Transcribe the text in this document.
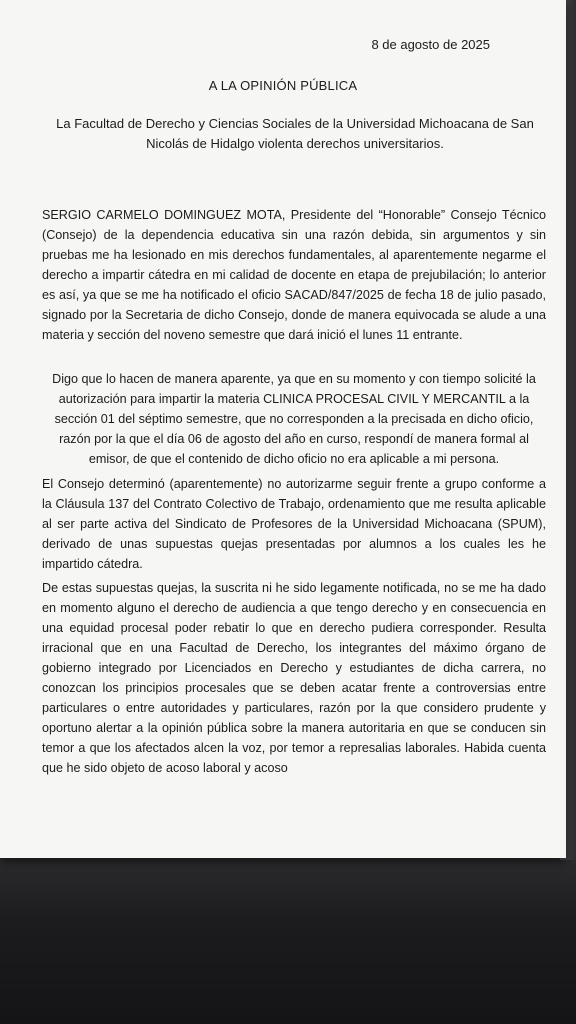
8 de agosto de 2025
A LA OPINIÓN PÚBLICA
La Facultad de Derecho y Ciencias Sociales de la Universidad Michoacana de San Nicolás de Hidalgo violenta derechos universitarios.
SERGIO CARMELO DOMINGUEZ MOTA, Presidente del “Honorable” Consejo Técnico (Consejo) de la dependencia educativa sin una razón debida, sin argumentos y sin pruebas me ha lesionado en mis derechos fundamentales, al aparentemente negarme el derecho a impartir cátedra en mi calidad de docente en etapa de prejubilación; lo anterior es así, ya que se me ha notificado el oficio SACAD/847/2025 de fecha 18 de julio pasado, signado por la Secretaria de dicho Consejo, donde de manera equivocada se alude a una materia y sección del noveno semestre que dará inició el lunes 11 entrante.
Digo que lo hacen de manera aparente, ya que en su momento y con tiempo solicité la autorización para impartir la materia CLINICA PROCESAL CIVIL Y MERCANTIL a la sección 01 del séptimo semestre, que no corresponden a la precisada en dicho oficio, razón por la que el día 06 de agosto del año en curso, respondí de manera formal al emisor, de que el contenido de dicho oficio no era aplicable a mi persona.
El Consejo determinó (aparentemente) no autorizarme seguir frente a grupo conforme a la Cláusula 137 del Contrato Colectivo de Trabajo, ordenamiento que me resulta aplicable al ser parte activa del Sindicato de Profesores de la Universidad Michoacana (SPUM), derivado de unas supuestas quejas presentadas por alumnos a los cuales les he impartido cátedra.
De estas supuestas quejas, la suscrita ni he sido legamente notificada, no se me ha dado en momento alguno el derecho de audiencia a que tengo derecho y en consecuencia en una equidad procesal poder rebatir lo que en derecho pudiera corresponder. Resulta irracional que en una Facultad de Derecho, los integrantes del máximo órgano de gobierno integrado por Licenciados en Derecho y estudiantes de dicha carrera, no conozcan los principios procesales que se deben acatar frente a controversias entre particulares o entre autoridades y particulares, razón por la que considero prudente y oportuno alertar a la opinión pública sobre la manera autoritaria en que se conducen sin temor a que los afectados alcen la voz, por temor a represalias laborales. Habida cuenta que he sido objeto de acoso laboral y acoso
